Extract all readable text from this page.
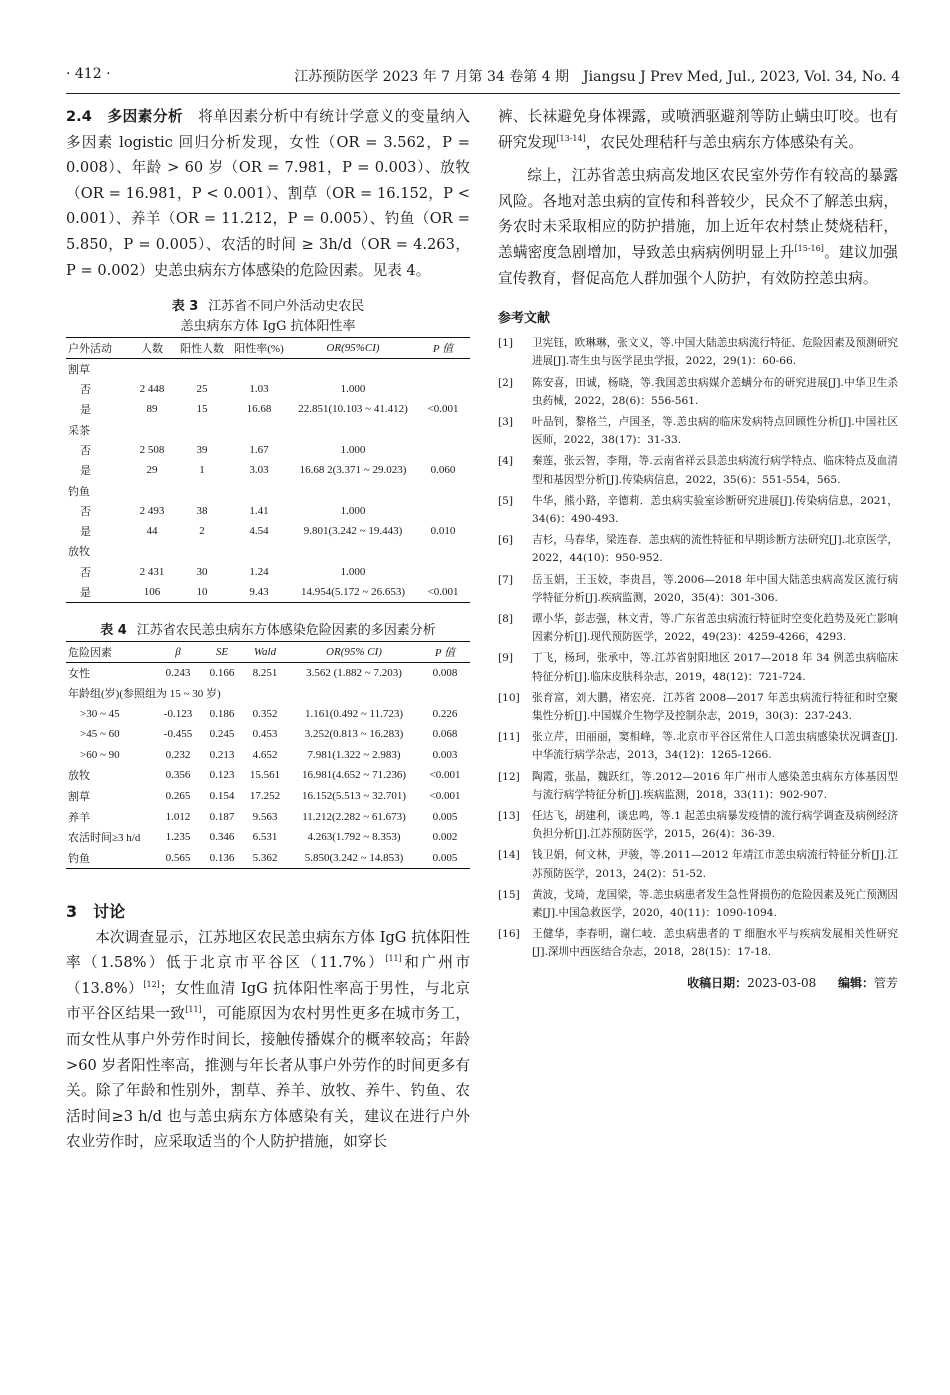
· 412 ·	江苏预防医学 2023 年 7 月第 34 卷第 4 期　Jiangsu J Prev Med, Jul., 2023, Vol. 34, No. 4

2.4　多因素分析　将单因素分析中有统计学意义的变量纳入多因素 logistic 回归分析发现，女性（OR = 3.562，P = 0.008）、年龄 > 60 岁（OR = 7.981，P = 0.003）、放牧（OR = 16.981，P < 0.001）、割草（OR = 16.152，P < 0.001）、养羊（OR = 11.212，P = 0.005）、钓鱼（OR = 5.850，P = 0.005）、农活的时间 ≥ 3h/d（OR = 4.263，P = 0.002）史恙虫病东方体感染的危险因素。见表 4。

表 3 江苏省不同户外活动史农民
恙虫病东方体 IgG 抗体阳性率
户外活动	人数	阳性人数	阳性率(%)	OR(95%CI)	P 值
割草					
否	2 448	25	1.03	1.000	
是	89	15	16.68	22.851(10.103 ~ 41.412)	<0.001
采茶					
否	2 508	39	1.67	1.000	
是	29	1	3.03	16.68 2(3.371 ~ 29.023)	0.060
钓鱼					
否	2 493	38	1.41	1.000	
是	44	2	4.54	9.801(3.242 ~ 19.443)	0.010
放牧					
否	2 431	30	1.24	1.000	
是	106	10	9.43	14.954(5.172 ~ 26.653)	<0.001
表 4 江苏省农民恙虫病东方体感染危险因素的多因素分析
危险因素	β	SE	Wald	OR(95% CI)	P 值
女性	0.243	0.166	8.251	3.562 (1.882 ~ 7.203)	0.008
年龄组(岁)(参照组为 15 ~ 30 岁)					
>30 ~ 45	-0.123	0.186	0.352	1.161(0.492 ~ 11.723)	0.226
>45 ~ 60	-0.455	0.245	0.453	3.252(0.813 ~ 16.283)	0.068
>60 ~ 90	0.232	0.213	4.652	7.981(1.322 ~ 2.983)	0.003
放牧	0.356	0.123	15.561	16.981(4.652 ~ 71.236)	<0.001
割草	0.265	0.154	17.252	16.152(5.513 ~ 32.701)	<0.001
养羊	1.012	0.187	9.563	11.212(2.282 ~ 61.673)	0.005
农活时间≥3 h/d	1.235	0.346	6.531	4.263(1.792 ~ 8.353)	0.002
钓鱼	0.565	0.136	5.362	5.850(3.242 ~ 14.853)	0.005
3　讨论

本次调查显示，江苏地区农民恙虫病东方体 IgG 抗体阳性率（1.58%）低于北京市平谷区（11.7%）[11]和广州市（13.8%）[12]；女性血清 IgG 抗体阳性率高于男性，与北京市平谷区结果一致[11]，可能原因为农村男性更多在城市务工，而女性从事户外劳作时间长，接触传播媒介的概率较高；年龄>60 岁者阳性率高，推测与年长者从事户外劳作的时间更多有关。除了年龄和性别外，割草、养羊、放牧、养牛、钓鱼、农活时间≥3 h/d 也与恙虫病东方体感染有关，建议在进行户外农业劳作时，应采取适当的个人防护措施，如穿长

裤、长袜避免身体裸露，或喷洒驱避剂等防止螨虫叮咬。也有研究发现[13-14]，农民处理秸秆与恙虫病东方体感染有关。

综上，江苏省恙虫病高发地区农民室外劳作有较高的暴露风险。各地对恙虫病的宣传和科普较少，民众不了解恙虫病，务农时未采取相应的防护措施，加上近年农村禁止焚烧秸秆，恙螨密度急剧增加，导致恙虫病病例明显上升[15-16]。建议加强宣传教育，督促高危人群加强个人防护，有效防控恙虫病。

参考文献
[1]	卫宪钰，欧琳琳，张文义，等.中国大陆恙虫病流行特征、危险因素及预测研究进展[J].寄生虫与医学昆虫学报，2022，29(1)：60-66.
[2]	陈安喜，田诚，杨晓，等.我国恙虫病媒介恙螨分布的研究进展[J].中华卫生杀虫药械，2022，28(6)：556-561.
[3]	叶品钊，黎格兰，卢国圣，等.恙虫病的临床发病特点回顾性分析[J].中国社区医师，2022，38(17)：31-33.
[4]	秦莲，张云智，李翔，等.云南省祥云县恙虫病流行病学特点、临床特点及血清型和基因型分析[J].传染病信息，2022，35(6)：551-554，565.
[5]	牛华，熊小路，辛德莉．恙虫病实验室诊断研究进展[J].传染病信息，2021，34(6)：490-493.
[6]	吉杉，马春华，梁连春．恙虫病的流性特征和早期诊断方法研究[J].北京医学，2022，44(10)：950-952.
[7]	岳玉娟，王玉姣，李贵昌，等.2006—2018 年中国大陆恙虫病高发区流行病学特征分析[J].疾病监测，2020，35(4)：301-306.
[8]	谭小华，彭志强，林文青，等.广东省恙虫病流行特征时空变化趋势及死亡影响因素分析[J].现代预防医学，2022，49(23)：4259-4266，4293.
[9]	丁飞，杨珂，张承中，等.江苏省射阳地区 2017—2018 年 34 例恙虫病临床特征分析[J].临床皮肤科杂志，2019，48(12)：721-724.
[10]	张育富，刘大鹏，褚宏亮．江苏省 2008—2017 年恙虫病流行特征和时空聚集性分析[J].中国媒介生物学及控制杂志，2019，30(3)：237-243.
[11]	张立芹，田丽丽，窦相峰，等.北京市平谷区常住人口恙虫病感染状况调查[J].中华流行病学杂志，2013，34(12)：1265-1266.
[12]	陶霞，张晶，魏跃红，等.2012—2016 年广州市人感染恙虫病东方体基因型与流行病学特征分析[J].疾病监测，2018，33(11)：902-907.
[13]	任达飞，胡建利，谈忠鸣，等.1 起恙虫病暴发疫情的流行病学调查及病例经济负担分析[J].江苏预防医学，2015，26(4)：36-39.
[14]	钱卫娟，何文林，尹骏，等.2011—2012 年靖江市恙虫病流行特征分析[J].江苏预防医学，2013，24(2)：51-52.
[15]	黄波，戈琦，龙国梁，等.恙虫病患者发生急性肾损伤的危险因素及死亡预测因素[J].中国急救医学，2020，40(11)：1090-1094.
[16]	王健华，李春明，谢仁岐．恙虫病患者的 T 细胞水平与疾病发展相关性研究[J].深圳中西医结合杂志，2018，28(15)：17-18.
收稿日期：2023-03-08 编辑：管芳
